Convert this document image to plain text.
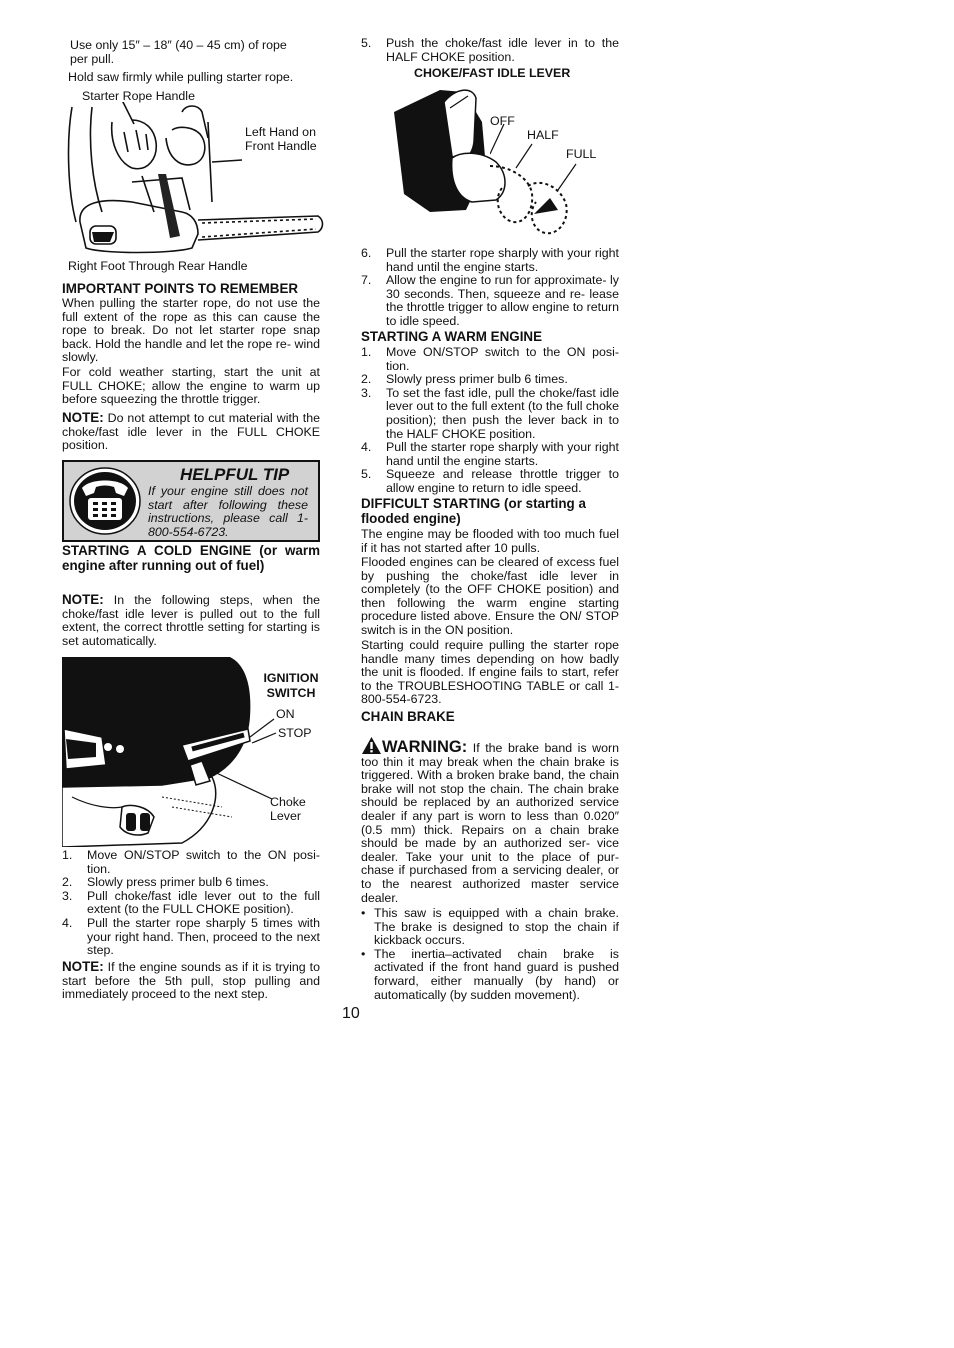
Use only 15″ – 18″ (40 – 45 cm) of rope per pull.
Hold saw firmly while pulling starter rope.
Starter Rope Handle
Left Hand on Front Handle
Right Foot Through Rear Handle
IMPORTANT POINTS TO REMEMBER
When pulling the starter rope, do not use the full extent of the rope as this can cause the rope to break. Do not let starter rope snap back. Hold the handle and let the rope re- wind slowly.
For cold weather starting, start the unit at FULL CHOKE; allow the engine to warm up before squeezing the throttle trigger.
NOTE: Do not attempt to cut material with the choke/fast idle lever in the FULL CHOKE position.
HELPFUL TIP
If your engine still does not start after following these instructions, please call 1-800-554-6723.
STARTING A COLD ENGINE (or warm engine after running out of fuel)
NOTE: In the following steps, when the choke/fast idle lever is pulled out to the full extent, the correct throttle setting for starting is set automatically.
IGNITION SWITCH
ON
STOP
Choke Lever
1. Move ON/STOP switch to the ON posi- tion.
2. Slowly press primer bulb 6 times.
3. Pull choke/fast idle lever out to the full extent (to the FULL CHOKE position).
4. Pull the starter rope sharply 5 times with your right hand. Then, proceed to the next step.
NOTE: If the engine sounds as if it is trying to start before the 5th pull, stop pulling and immediately proceed to the next step.
5. Push the choke/fast idle lever in to the HALF CHOKE position.
CHOKE/FAST IDLE LEVER
OFF
HALF
FULL
6. Pull the starter rope sharply with your right hand until the engine starts.
7. Allow the engine to run for approximate- ly 30 seconds. Then, squeeze and re- lease the throttle trigger to allow engine to return to idle speed.
STARTING A WARM ENGINE
1. Move ON/STOP switch to the ON posi- tion.
2. Slowly press primer bulb 6 times.
3. To set the fast idle, pull the choke/fast idle lever out to the full extent (to the full choke position); then push the lever back in to the HALF CHOKE position.
4. Pull the starter rope sharply with your right hand until the engine starts.
5. Squeeze and release throttle trigger to allow engine to return to idle speed.
DIFFICULT STARTING (or starting a flooded engine)
The engine may be flooded with too much fuel if it has not started after 10 pulls.
Flooded engines can be cleared of excess fuel by pushing the choke/fast idle lever in completely (to the OFF CHOKE position) and then following the warm engine starting procedure listed above. Ensure the ON/ STOP switch is in the ON position.
Starting could require pulling the starter rope handle many times depending on how badly the unit is flooded. If engine fails to start, refer to the TROUBLESHOOTING TABLE or call 1-800-554-6723.
CHAIN BRAKE
WARNING: If the brake band is worn too thin it may break when the chain brake is triggered. With a broken brake band, the chain brake will not stop the chain. The chain brake should be replaced by an authorized service dealer if any part is worn to less than 0.020″ (0.5 mm) thick. Repairs on a chain brake should be made by an authorized ser- vice dealer. Take your unit to the place of pur- chase if purchased from a servicing dealer, or to the nearest authorized master service dealer.
• This saw is equipped with a chain brake. The brake is designed to stop the chain if kickback occurs.
• The inertia–activated chain brake is activated if the front hand guard is pushed forward, either manually (by hand) or automatically (by sudden movement).
10
